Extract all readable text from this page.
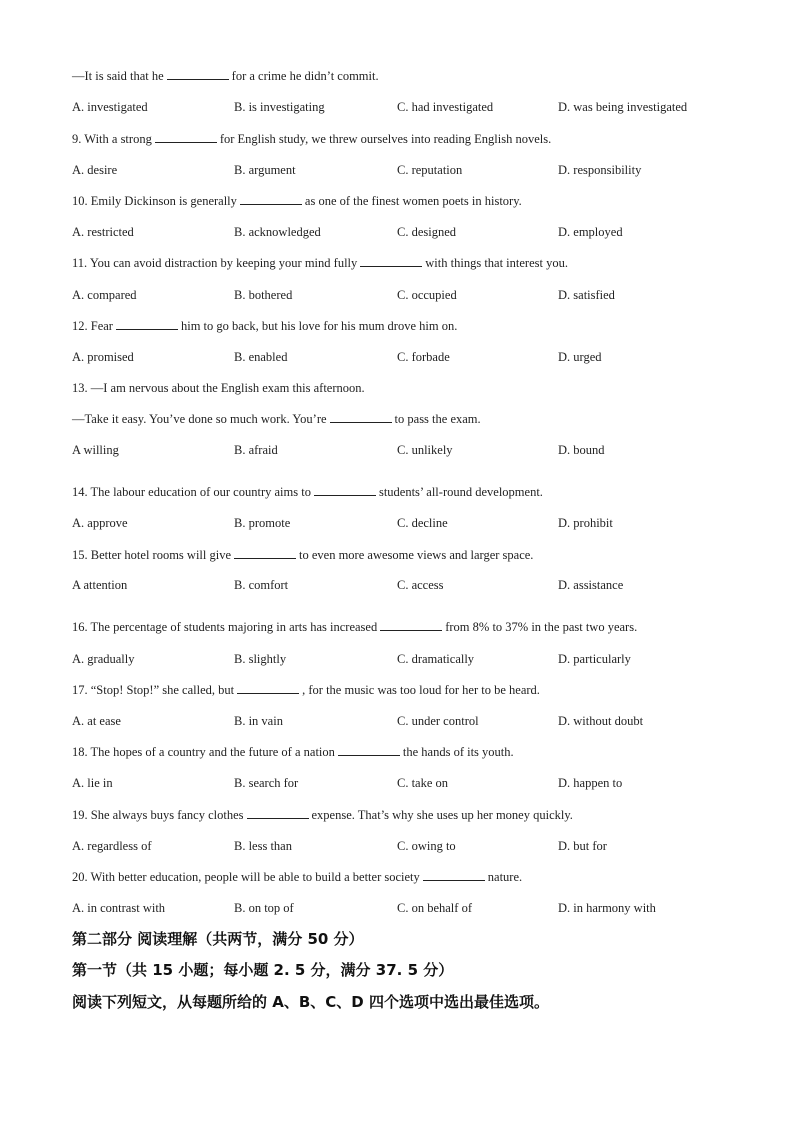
—It is said that he	for a crime he didn’t commit.
A. investigated	B. is investigating	C. had investigated	D. was being investigated
9. With a strong	for English study, we threw ourselves into reading English novels.
A. desire	B. argument	C. reputation	D. responsibility
10. Emily Dickinson is generally	as one of the finest women poets in history.
A. restricted	B. acknowledged	C. designed	D. employed
11. You can avoid distraction by keeping your mind fully	with things that interest you.
A. compared	B. bothered	C. occupied	D. satisfied
12. Fear	him to go back, but his love for his mum drove him on.
A. promised	B. enabled	C. forbade	D. urged
13. —I am nervous about the English exam this afternoon.
—Take it easy. You’ve done so much work. You’re	to pass the exam.
A willing	B. afraid	C. unlikely	D. bound
14. The labour education of our country aims to	students’ all-round development.
A. approve	B. promote	C. decline	D. prohibit
15. Better hotel rooms will give	to even more awesome views and larger space.
A attention	B. comfort	C. access	D. assistance
16. The percentage of students majoring in arts has increased	from 8% to 37% in the past two years.
A. gradually	B. slightly	C. dramatically	D. particularly
17. “Stop! Stop!” she called, but	, for the music was too loud for her to be heard.
A. at ease	B. in vain	C. under control	D. without doubt
18. The hopes of a country and the future of a nation	the hands of its youth.
A. lie in	B. search for	C. take on	D. happen to
19. She always buys fancy clothes	expense. That’s why she uses up her money quickly.
A. regardless of	B. less than	C. owing to	D. but for
20. With better education, people will be able to build a better society	nature.
A. in contrast with	B. on top of	C. on behalf of	D. in harmony with
第二部分 阅读理解（共两节，满分 50 分）
第一节（共 15 小题；每小题 2. 5 分，满分 37. 5 分）
阅读下列短文，从每题所给的 A、B、C、D 四个选项中选出最佳选项。
